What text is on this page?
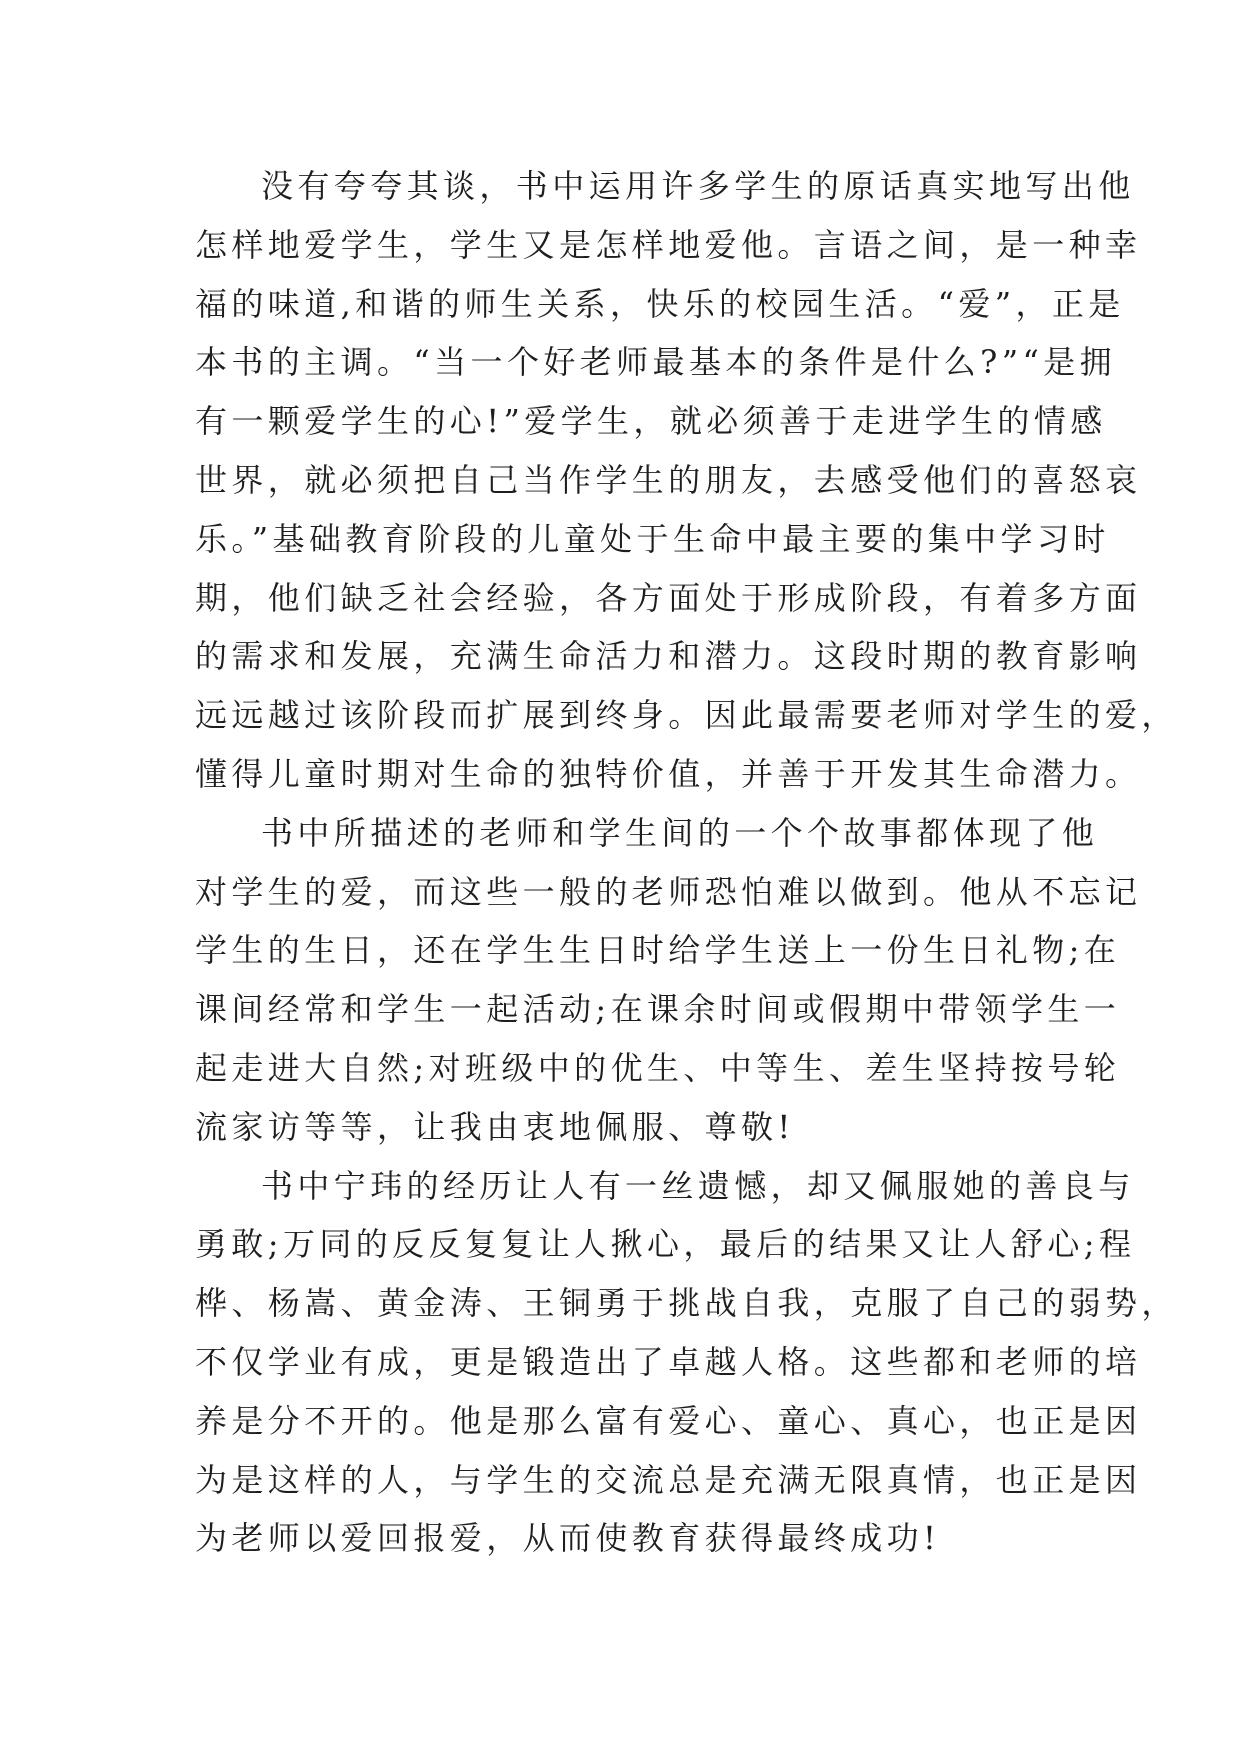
没有夸夸其谈，书中运用许多学生的原话真实地写出他
怎样地爱学生，学生又是怎样地爱他。言语之间，是一种幸
福的味道,和谐的师生关系，快乐的校园生活。“爱”，正是
本书的主调。“当一个好老师最基本的条件是什么?”“是拥
有一颗爱学生的心!”爱学生，就必须善于走进学生的情感
世界，就必须把自己当作学生的朋友，去感受他们的喜怒哀
乐。”基础教育阶段的儿童处于生命中最主要的集中学习时
期，他们缺乏社会经验，各方面处于形成阶段，有着多方面
的需求和发展，充满生命活力和潜力。这段时期的教育影响
远远越过该阶段而扩展到终身。因此最需要老师对学生的爱，
懂得儿童时期对生命的独特价值，并善于开发其生命潜力。
书中所描述的老师和学生间的一个个故事都体现了他
对学生的爱，而这些一般的老师恐怕难以做到。他从不忘记
学生的生日，还在学生生日时给学生送上一份生日礼物;在
课间经常和学生一起活动;在课余时间或假期中带领学生一
起走进大自然;对班级中的优生、中等生、差生坚持按号轮
流家访等等，让我由衷地佩服、尊敬!
书中宁玮的经历让人有一丝遗憾，却又佩服她的善良与
勇敢;万同的反反复复让人揪心，最后的结果又让人舒心;程
桦、杨嵩、黄金涛、王铜勇于挑战自我，克服了自己的弱势，
不仅学业有成，更是锻造出了卓越人格。这些都和老师的培
养是分不开的。他是那么富有爱心、童心、真心，也正是因
为是这样的人，与学生的交流总是充满无限真情，也正是因
为老师以爱回报爱，从而使教育获得最终成功!
